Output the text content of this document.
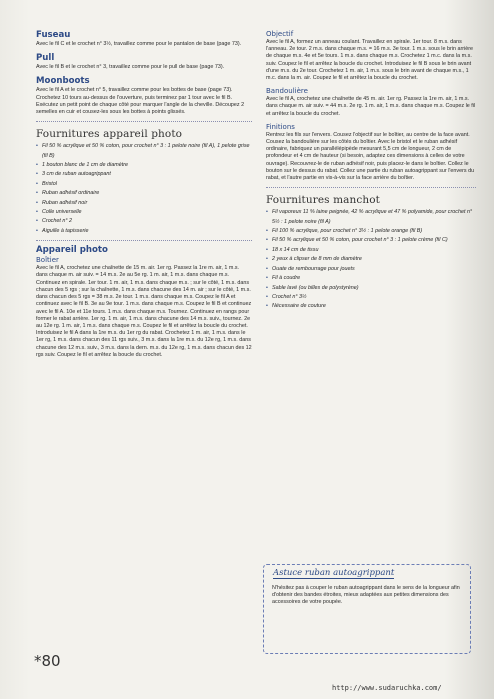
Fuseau

Avec le fil C et le crochet n° 3½, travaillez comme pour le pantalon de base (page 73).

Pull

Avec le fil B et le crochet n° 3, travaillez comme pour le pull de base (page 73).

Moonboots

Avec le fil A et le crochet n° 5, travaillez comme pour les bottes de base (page 73). Crochetez 10 tours au-dessus de l'ouverture, puis terminez par 1 tour avec le fil B. Exécutez un petit point de chaque côté pour marquer l'angle de la cheville. Découpez 2 semelles en cuir et cousez-les sous les bottes à points glissés.

Fournitures appareil photo
• Fil 50 % acrylique et 50 % coton, pour crochet n° 3 : 1 pelote noire (fil A), 1 pelote grise (fil B)
• 1 bouton blanc de 1 cm de diamètre
• 3 cm de ruban autoagrippant
• Bristol
• Ruban adhésif ordinaire
• Ruban adhésif noir
• Colle universelle
• Crochet n° 2
• Aiguille à tapisserie
Appareil photo
Boîtier

Avec le fil A, crochetez une chaînette de 15 m. air. 1er rg. Passez la 1re m. air, 1 m.s. dans chaque m. air suiv. = 14 m.s. 2e au 5e rg. 1 m. air, 1 m.s. dans chaque m.s. Continuez en spirale. 1er tour. 1 m. air, 1 m.s. dans chaque m.s. ; sur le côté, 1 m.s. dans chacun des 5 rgs ; sur la chaînette, 1 m.s. dans chacune des 14 m. air ; sur le côté, 1 m.s. dans chacun des 5 rgs = 38 m.s. 2e tour. 1 m.s. dans chaque m.s. Coupez le fil A et continuez avec le fil B. 3e au 9e tour. 1 m.s. dans chaque m.s. Coupez le fil B et continuez avec le fil A. 10e et 11e tours. 1 m.s. dans chaque m.s. Tournez. Continuez en rangs pour former le rabat arrière. 1er rg. 1 m. air, 1 m.s. dans chacune des 14 m.s. suiv., tournez. 2e au 12e rg. 1 m. air, 1 m.s. dans chaque m.s. Coupez le fil et arrêtez la boucle du crochet. Introduisez le fil A dans la 1re m.s. du 1er rg du rabat. Crochetez 1 m. air, 1 m.s. dans le 1er rg, 1 m.s. dans chacun des 11 rgs suiv., 3 m.s. dans la 1re m.s. du 12e rg, 1 m.s. dans chacune des 12 m.s. suiv., 3 m.s. dans la dern. m.s. du 12e rg, 1 m.s. dans chacun des 12 rgs suiv. Coupez le fil et arrêtez la boucle du crochet.

Objectif

Avec le fil A, formez un anneau coulant. Travaillez en spirale. 1er tour. 8 m.s. dans l'anneau. 2e tour. 2 m.s. dans chaque m.s. = 16 m.s. 3e tour. 1 m.s. sous le brin arrière de chaque m.s. 4e et 5e tours. 1 m.s. dans chaque m.s. Crochetez 1 m.c. dans la m.s. suiv. Coupez le fil et arrêtez la boucle du crochet. Introduisez le fil B sous le brin avant d'une m.s. du 2e tour. Crochetez 1 m. air, 1 m.s. sous le brin avant de chaque m.s., 1 m.c. dans la m. air. Coupez le fil et arrêtez la boucle du crochet.

Bandoulière

Avec le fil A, crochetez une chaînette de 45 m. air. 1er rg. Passez la 1re m. air, 1 m.s. dans chaque m. air suiv. = 44 m.s. 2e rg. 1 m. air, 1 m.s. dans chaque m.s. Coupez le fil et arrêtez la boucle du crochet.

Finitions

Rentrez les fils sur l'envers. Cousez l'objectif sur le boîtier, au centre de la face avant. Cousez la bandoulière sur les côtés du boîtier. Avec le bristol et le ruban adhésif ordinaire, fabriquez un parallélépipède mesurant 5,5 cm de longueur, 2 cm de profondeur et 4 cm de hauteur (si besoin, adaptez ces dimensions à celles de votre ouvrage). Recouvrez-le de ruban adhésif noir, puis placez-le dans le boîtier. Collez le bouton sur le dessus du rabat. Collez une partie du ruban autoagrippant sur l'envers du rabat, et l'autre partie en vis-à-vis sur la face arrière du boîtier.

Fournitures manchot
• Fil vaporeux 11 % laine peignée, 42 % acrylique et 47 % polyamide, pour crochet n° 5½ : 1 pelote noire (fil A)
• Fil 100 % acrylique, pour crochet n° 3½ : 1 pelote orange (fil B)
• Fil 50 % acrylique et 50 % coton, pour crochet n° 3 : 1 pelote crème (fil C)
• 18 x 14 cm de tissu
• 2 yeux à clipser de 8 mm de diamètre
• Ouate de rembourrage pour jouets
• Fil à coudre
• Sable lavé (ou billes de polystyrène)
• Crochet n° 3½
• Nécessaire de couture
Astuce ruban autoagrippant
N'hésitez pas à couper le ruban autoagrippant dans le sens de la longueur afin d'obtenir des bandes étroites, mieux adaptées aux petites dimensions des accessoires de votre poupée.
*80
http://www.sudaruchka.com/
